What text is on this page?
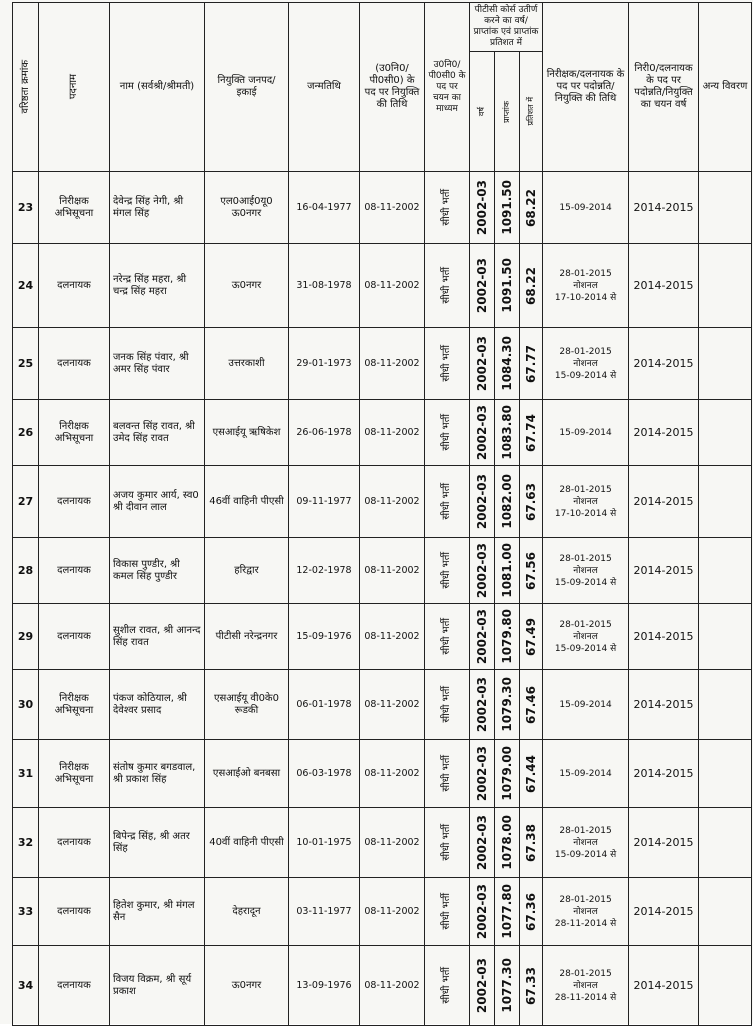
वरिष्ठता क्रमांक	पदनाम	नाम (सर्वश्री/श्रीमती)	नियुक्ति जनपद/इकाई	जन्मतिथि	(उ0नि0/पी0सी0) के पद पर नियुक्ति की तिथि	उ0नि0/पी0सी0 के पद पर चयन का माध्यम	पीटीसी कोर्स उतीर्ण करने का वर्ष/प्राप्तांक एवं प्राप्तांक प्रतिशत में			निरीक्षक/दलनायक के पद पर पदोन्नति/नियुक्ति की तिथि	निरी0/दलनायक के पद पर पदोन्नति/नियुक्ति का चयन वर्ष	अन्य विवरण

							वर्ष	प्राप्तांक	प्रतिशत में			

23	निरीक्षक अभिसूचना	देवेन्द्र सिंह नेगी, श्री मंगल सिंह	एल0आई0यू0 ऊ0नगर	16-04-1977	08-11-2002	सीधी भर्ती	2002-03	1091.50	68.22	15-09-2014	2014-2015	
24	दलनायक	नरेन्द्र सिंह महरा, श्री चन्द्र सिंह महरा	ऊ0नगर	31-08-1978	08-11-2002	सीधी भर्ती	2002-03	1091.50	68.22	28-01-2015
नोशनल
17-10-2014 से	2014-2015	
25	दलनायक	जनक सिंह पंवार, श्री अमर सिंह पंवार	उत्तरकाशी	29-01-1973	08-11-2002	सीधी भर्ती	2002-03	1084.30	67.77	28-01-2015
नोशनल
15-09-2014 से	2014-2015	
26	निरीक्षक अभिसूचना	बलवन्त सिंह रावत, श्री उमेद सिंह रावत	एसआईयू ऋषिकेश	26-06-1978	08-11-2002	सीधी भर्ती	2002-03	1083.80	67.74	15-09-2014	2014-2015	
27	दलनायक	अजय कुमार आर्य, स्व0 श्री दीवान लाल	46वीं वाहिनी पीएसी	09-11-1977	08-11-2002	सीधी भर्ती	2002-03	1082.00	67.63	28-01-2015
नोशनल
17-10-2014 से	2014-2015	
28	दलनायक	विकास पुण्डीर, श्री कमल सिंह पुण्डीर	हरिद्वार	12-02-1978	08-11-2002	सीधी भर्ती	2002-03	1081.00	67.56	28-01-2015
नोशनल
15-09-2014 से	2014-2015	
29	दलनायक	सुशील रावत, श्री आनन्द सिंह रावत	पीटीसी नरेन्द्रनगर	15-09-1976	08-11-2002	सीधी भर्ती	2002-03	1079.80	67.49	28-01-2015
नोशनल
15-09-2014 से	2014-2015	
30	निरीक्षक अभिसूचना	पंकज कोठियाल, श्री देवेश्वर प्रसाद	एसआईयू वी0के0 रूडकी	06-01-1978	08-11-2002	सीधी भर्ती	2002-03	1079.30	67.46	15-09-2014	2014-2015	
31	निरीक्षक अभिसूचना	संतोष कुमार बगडवाल, श्री प्रकाश सिंह	एसआईओ बनबसा	06-03-1978	08-11-2002	सीधी भर्ती	2002-03	1079.00	67.44	15-09-2014	2014-2015	
32	दलनायक	बिपेन्द्र सिंह, श्री अतर सिंह	40वीं वाहिनी पीएसी	10-01-1975	08-11-2002	सीधी भर्ती	2002-03	1078.00	67.38	28-01-2015
नोशनल
15-09-2014 से	2014-2015	
33	दलनायक	हितेश कुमार, श्री मंगल सैन	देहरादून	03-11-1977	08-11-2002	सीधी भर्ती	2002-03	1077.80	67.36	28-01-2015
नोशनल
28-11-2014 से	2014-2015	
34	दलनायक	विजय विक्रम, श्री सूर्य प्रकाश	ऊ0नगर	13-09-1976	08-11-2002	सीधी भर्ती	2002-03	1077.30	67.33	28-01-2015
नोशनल
28-11-2014 से	2014-2015	
